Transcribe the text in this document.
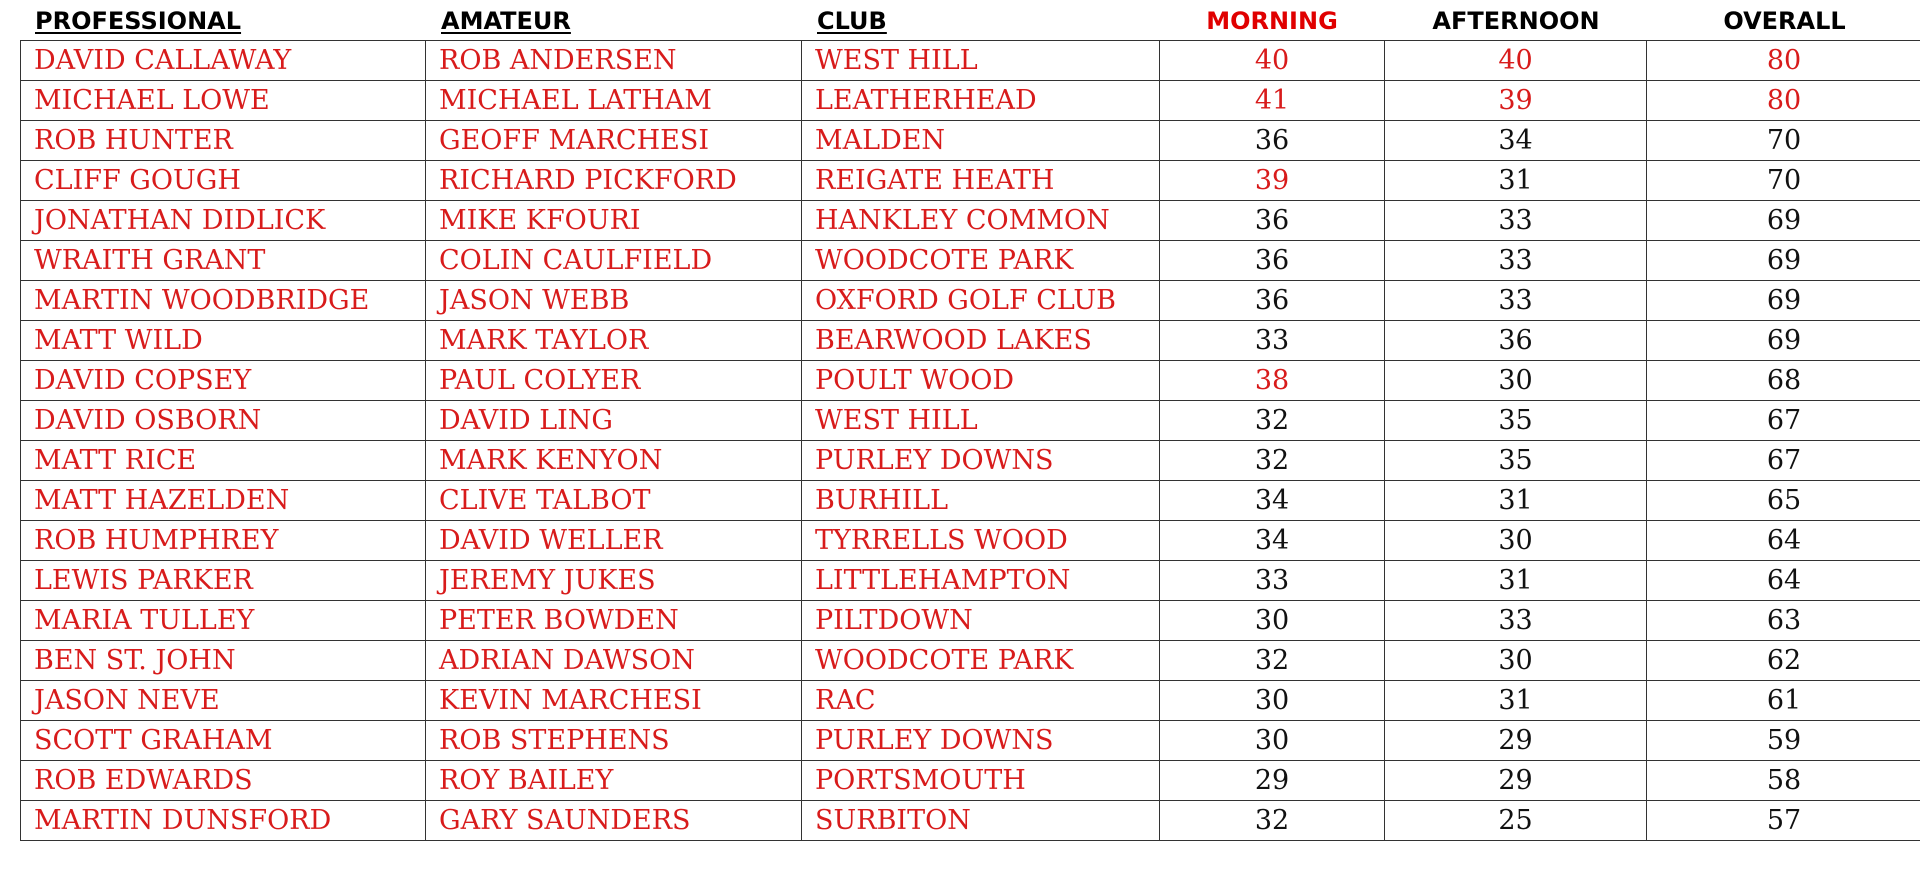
PROFESSIONAL	AMATEUR	CLUB	MORNING	AFTERNOON	OVERALL
DAVID CALLAWAY	ROB ANDERSEN	WEST HILL	40	40	80
MICHAEL LOWE	MICHAEL LATHAM	LEATHERHEAD	41	39	80
ROB HUNTER	GEOFF MARCHESI	MALDEN	36	34	70
CLIFF GOUGH	RICHARD PICKFORD	REIGATE HEATH	39	31	70
JONATHAN DIDLICK	MIKE KFOURI	HANKLEY COMMON	36	33	69
WRAITH GRANT	COLIN CAULFIELD	WOODCOTE PARK	36	33	69
MARTIN WOODBRIDGE	JASON WEBB	OXFORD GOLF CLUB	36	33	69
MATT WILD	MARK TAYLOR	BEARWOOD LAKES	33	36	69
DAVID COPSEY	PAUL COLYER	POULT WOOD	38	30	68
DAVID OSBORN	DAVID LING	WEST HILL	32	35	67
MATT RICE	MARK KENYON	PURLEY DOWNS	32	35	67
MATT HAZELDEN	CLIVE TALBOT	BURHILL	34	31	65
ROB HUMPHREY	DAVID WELLER	TYRRELLS WOOD	34	30	64
LEWIS PARKER	JEREMY JUKES	LITTLEHAMPTON	33	31	64
MARIA TULLEY	PETER BOWDEN	PILTDOWN	30	33	63
BEN ST. JOHN	ADRIAN DAWSON	WOODCOTE PARK	32	30	62
JASON NEVE	KEVIN MARCHESI	RAC	30	31	61
SCOTT GRAHAM	ROB STEPHENS	PURLEY DOWNS	30	29	59
ROB EDWARDS	ROY BAILEY	PORTSMOUTH	29	29	58
MARTIN DUNSFORD	GARY SAUNDERS	SURBITON	32	25	57
